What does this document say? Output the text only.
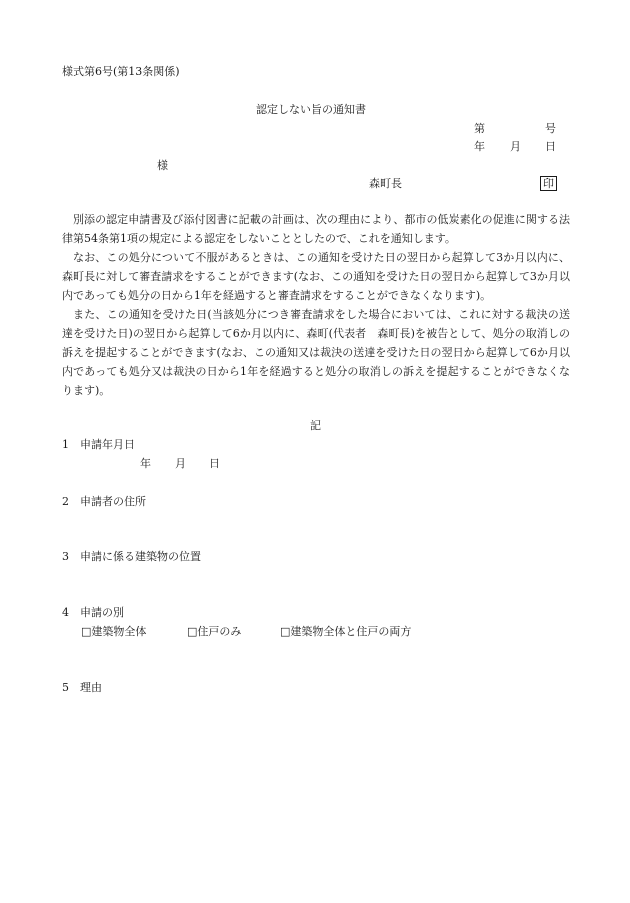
様式第6号(第13条関係)
認定しない旨の通知書
第	号
年 月 日
様
森町長	印
別添の認定申請書及び添付図書に記載の計画は、次の理由により、都市の低炭素化の促進に関する法律第54条第1項の規定による認定をしないこととしたので、これを通知します。
なお、この処分について不服があるときは、この通知を受けた日の翌日から起算して3か月以内に、森町長に対して審査請求をすることができます(なお、この通知を受けた日の翌日から起算して3か月以内であっても処分の日から1年を経過すると審査請求をすることができなくなります)。
また、この通知を受けた日(当該処分につき審査請求をした場合においては、これに対する裁決の送達を受けた日)の翌日から起算して6か月以内に、森町(代表者　森町長)を被告として、処分の取消しの訴えを提起することができます(なお、この通知又は裁決の送達を受けた日の翌日から起算して6か月以内であっても処分又は裁決の日から1年を経過すると処分の取消しの訴えを提起することができなくなります)。
記
1 申請年月日
年 月 日
2 申請者の住所
3 申請に係る建築物の位置
4 申請の別
□建築物全体	□住戸のみ	□建築物全体と住戸の両方
5 理由
